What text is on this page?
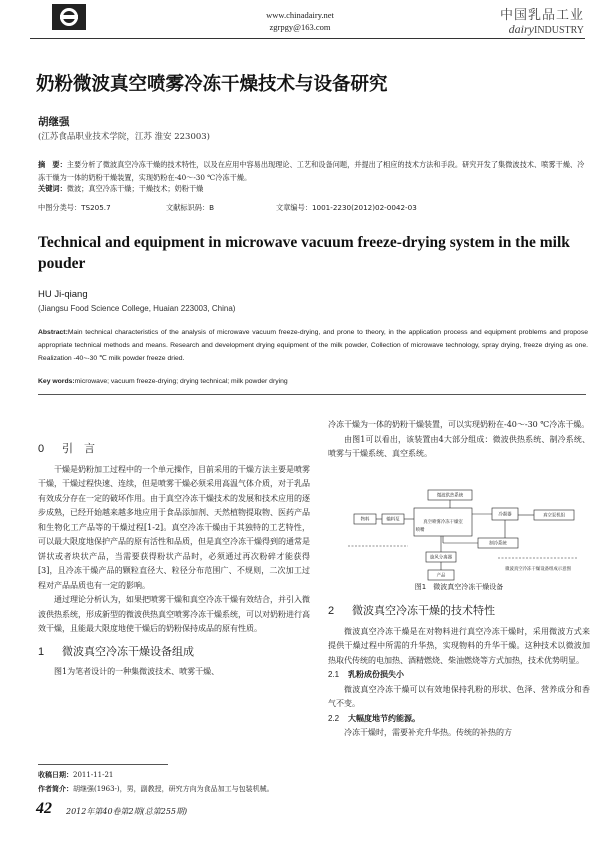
www.chinadairy.net
zgrpgy@163.com
中国乳品工业
dairyINDUSTRY
奶粉微波真空喷雾冷冻干燥技术与设备研究
胡继强
(江苏食品职业技术学院，江苏 淮安 223003)
摘　要：主要分析了微波真空冷冻干燥的技术特性，以及在应用中容易出现理论、工艺和设备问题，并提出了相应的技术方法和手段。研究开发了集微波技术、喷雾干燥、冷冻干燥为一体的奶粉干燥装置，实现奶粉在-40～-30 ℃冷冻干燥。
关键词：微波；真空冷冻干燥；干燥技术；奶粉干燥
中图分类号：TS205.7	文献标识码：B	文章编号：1001-2230(2012)02-0042-03
Technical and equipment in microwave vacuum freeze-drying system in the milk pouder
HU Ji-qiang
(Jiangsu Food Science College, Huaian 223003, China)
Abstract:Main technical characteristics of the analysis of microwave vacuum freeze-drying, and prone to theory, in the application process and equipment problems and propose appropriate technical methods and means. Research and development drying equipment of the milk powder, Collection of microwave technology, spray drying, freeze drying as one. Realization -40~-30 ℃ milk powder freeze dried.
Key words:microwave; vacuum freeze-drying; drying technical; milk powder drying
0 引　言

干燥是奶粉加工过程中的一个单元操作，目前采用的干燥方法主要是喷雾干燥，干燥过程快速、连续，但是喷雾干燥必须采用高温气体介质，对于乳品有效成分存在一定的破坏作用。由于真空冷冻干燥技术的发展和技术应用的逐步成熟，已经开始越来越多地应用于食品添加剂、天然植物提取物、医药产品和生物化工产品等的干燥过程[1-2]。真空冷冻干燥由于其独特的工艺特性，可以最大限度地保护产品的原有活性和品质，但是真空冷冻干燥得到的通常是饼状或者块状产品，当需要获得粉状产品时，必须通过再次粉碎才能获得[3]，且冷冻干燥产品的颗粒直径大、粒径分布范围广、不规则，二次加工过程对产品品质也有一定的影响。

通过理论分析认为，如果把喷雾干燥和真空冷冻干燥有效结合，并引入微波供热系统，形成新型的微波供热真空喷雾冷冻干燥系统，可以对奶粉进行高效干燥，且能最大限度地使干燥后的奶粉保持成品的原有性质。

1 微波真空冷冻干燥设备组成

图1为笔者设计的一种集微波技术、喷雾干燥、

冷冻干燥为一体的奶粉干燥装置，可以实现奶粉在-40～-30 ℃冷冻干燥。

由图1可以看出，该装置由4大部分组成：微波供热系统、制冷系统、喷雾与干燥系统、真空系统。

微波供热系统
真空喷雾冷冻干燥室
冷凝器	真空泵机组
制冷系统
物料	输料泵
喷嘴
旋风分离器
产品
微波真空冷冻干燥设备组成示意图
图1　微波真空冷冻干燥设备
2 微波真空冷冻干燥的技术特性

微波真空冷冻干燥是在对物料进行真空冷冻干燥时，采用微波方式来提供干燥过程中所需的升华热，实现物料的升华干燥。这种技术以微波加热取代传统的电加热、酒精燃烧、柴油燃烧等方式加热，技术优势明显。

2.1 乳粉成份损失小

微波真空冷冻干燥可以有效地保持乳粉的形状、色泽、营养成分和香气不变。

2.2 大幅度地节约能源。

冷冻干燥时，需要补充升华热。传统的补热的方

收稿日期：2011-11-21
作者简介：胡继强(1963-)，男，副教授，研究方向为食品加工与包装机械。
42 2012年第40卷第2期(总第255期)
